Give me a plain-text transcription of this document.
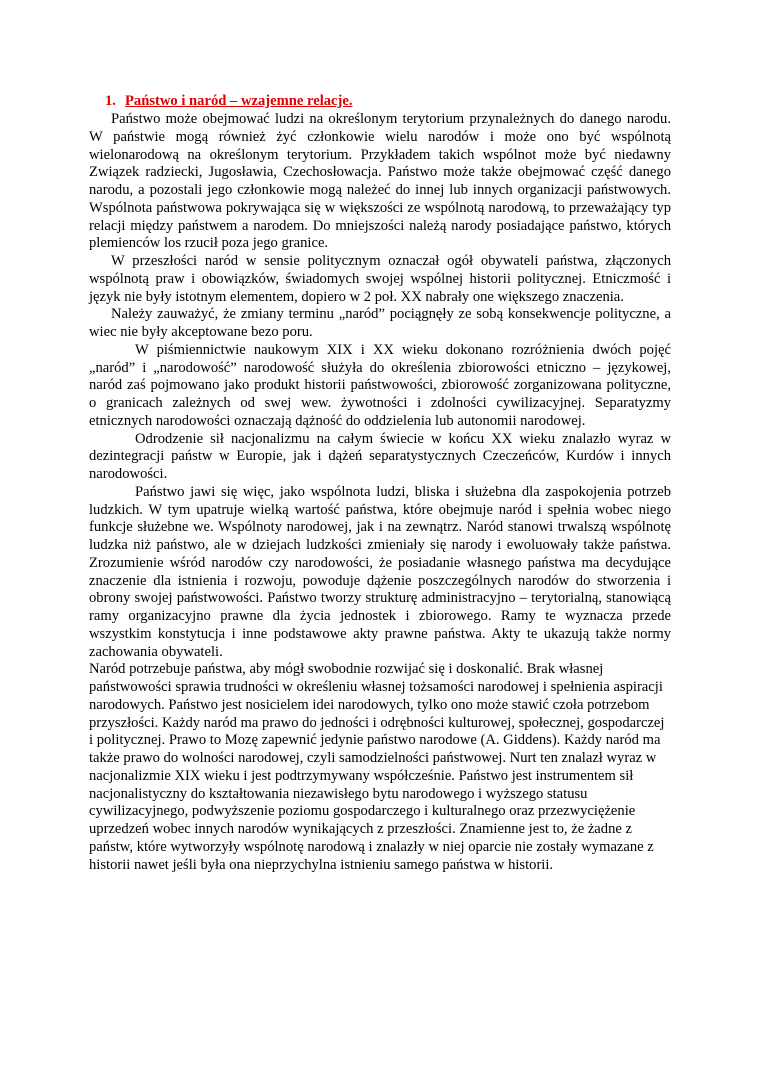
1. Państwo i naród – wzajemne relacje.

Państwo może obejmować ludzi na określonym terytorium przynależnych do danego narodu. W państwie mogą również żyć członkowie wielu narodów i może ono być wspólnotą wielonarodową na określonym terytorium. Przykładem takich wspólnot może być niedawny Związek radziecki, Jugosławia, Czechosłowacja. Państwo może także obejmować część danego narodu, a pozostali jego członkowie mogą należeć do innej lub innych organizacji państwowych. Wspólnota państwowa pokrywająca się w większości ze wspólnotą narodową, to przeważający typ relacji między państwem a narodem. Do mniejszości należą narody posiadające państwo, których plemienców los rzucił poza jego granice.

W przeszłości naród w sensie politycznym oznaczał ogół obywateli państwa, złączonych wspólnotą praw i obowiązków, świadomych swojej wspólnej historii politycznej. Etniczmość i język nie były istotnym elementem, dopiero w 2 poł. XX nabrały one większego znaczenia.

Należy zauważyć, że zmiany terminu „naród” pociągnęły ze sobą konsekwencje polityczne, a wiec nie były akceptowane bezo poru.

W piśmiennictwie naukowym XIX i XX wieku dokonano rozróżnienia dwóch pojęć „naród” i „narodowość” narodowość służyła do określenia zbiorowości etniczno – językowej, naród zaś pojmowano jako produkt historii państwowości, zbiorowość zorganizowana polityczne, o granicach zależnych od swej wew. żywotności i zdolności cywilizacyjnej. Separatyzmy etnicznych narodowości oznaczają dążność do oddzielenia lub autonomii narodowej.

Odrodzenie sił nacjonalizmu na całym świecie w końcu XX wieku znalazło wyraz w dezintegracji państw w Europie, jak i dążeń separatystycznych Czeczeńców, Kurdów i innych narodowości.

Państwo jawi się więc, jako wspólnota ludzi, bliska i służebna dla zaspokojenia potrzeb ludzkich. W tym upatruje wielką wartość państwa, które obejmuje naród i spełnia wobec niego funkcje służebne we. Wspólnoty narodowej, jak i na zewnątrz. Naród stanowi trwalszą wspólnotę ludzka niż państwo, ale w dziejach ludzkości zmieniały się narody i ewoluowały także państwa. Zrozumienie wśród narodów czy narodowości, że posiadanie własnego państwa ma decydujące znaczenie dla istnienia i rozwoju, powoduje dążenie poszczególnych narodów do stworzenia i obrony swojej państwowości. Państwo tworzy strukturę administracyjno – terytorialną, stanowiącą ramy organizacyjno prawne dla życia jednostek i zbiorowego. Ramy te wyznacza przede wszystkim konstytucja i inne podstawowe akty prawne państwa. Akty te ukazują także normy zachowania obywateli.

Naród potrzebuje państwa, aby mógł swobodnie rozwijać się i doskonalić. Brak własnej państwowości sprawia trudności w określeniu własnej tożsamości narodowej i spełnienia aspiracji narodowych. Państwo jest nosicielem idei narodowych, tylko ono może stawić czoła potrzebom przyszłości. Każdy naród ma prawo do jedności i odrębności kulturowej, społecznej, gospodarczej i politycznej. Prawo to Mozę zapewnić jedynie państwo narodowe (A. Giddens). Każdy naród ma także prawo do wolności narodowej, czyli samodzielności państwowej. Nurt ten znalazł wyraz w nacjonalizmie XIX wieku i jest podtrzymywany współcześnie. Państwo jest instrumentem sił nacjonalistyczny do kształtowania niezawisłego bytu narodowego i wyższego statusu cywilizacyjnego, podwyższenie poziomu gospodarczego i kulturalnego oraz przezwyciężenie uprzedzeń wobec innych narodów wynikających z przeszłości. Znamienne jest to, że żadne z państw, które wytworzyły wspólnotę narodową i znalazły w niej oparcie nie zostały wymazane z historii nawet jeśli była ona nieprzychylna istnieniu samego państwa w historii.
